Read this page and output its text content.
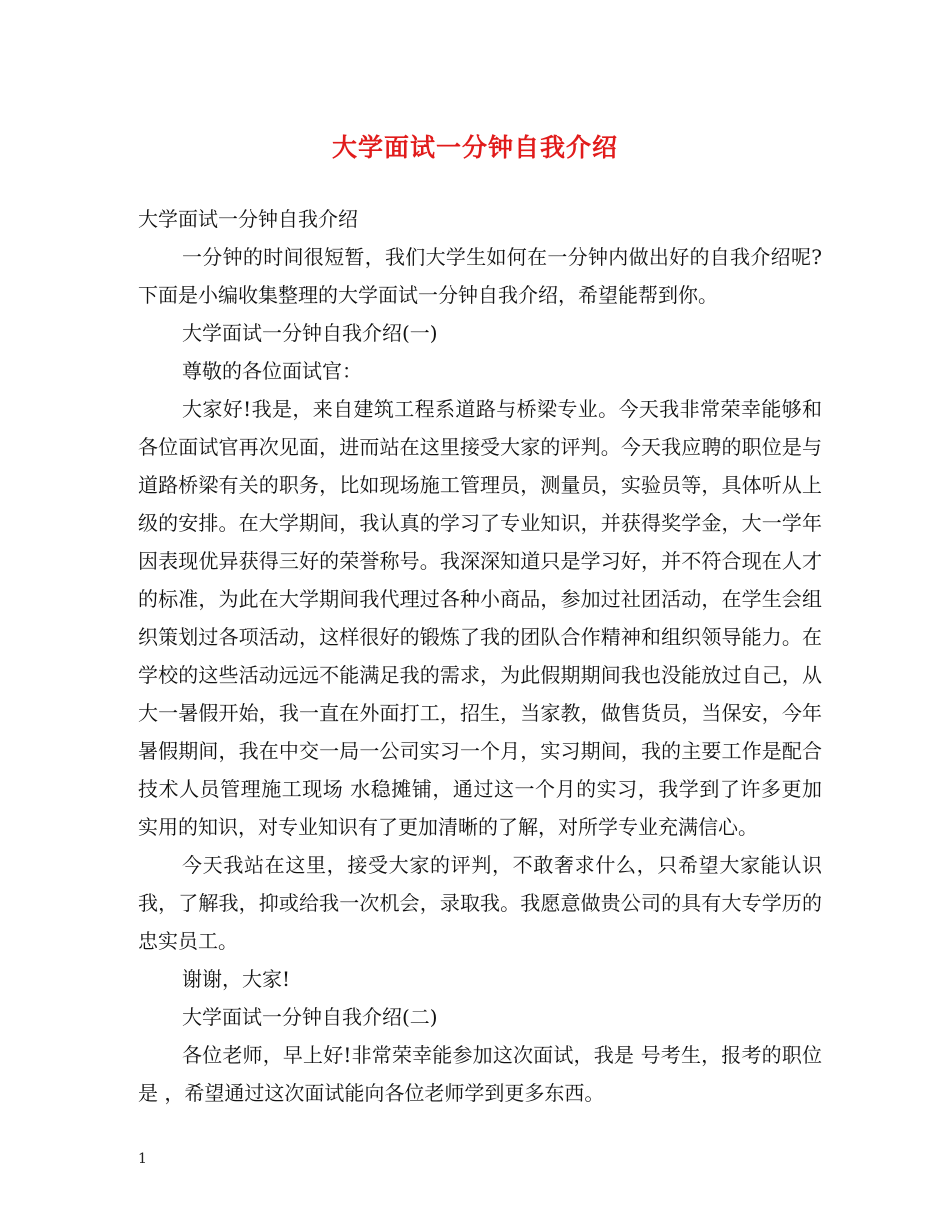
大学面试一分钟自我介绍

大学面试一分钟自我介绍

一分钟的时间很短暂，我们大学生如何在一分钟内做出好的自我介绍呢?下面是小编收集整理的大学面试一分钟自我介绍，希望能帮到你。

大学面试一分钟自我介绍(一)

尊敬的各位面试官：

大家好!我是，来自建筑工程系道路与桥梁专业。今天我非常荣幸能够和各位面试官再次见面，进而站在这里接受大家的评判。今天我应聘的职位是与道路桥梁有关的职务，比如现场施工管理员，测量员，实验员等，具体听从上级的安排。在大学期间，我认真的学习了专业知识，并获得奖学金，大一学年因表现优异获得三好的荣誉称号。我深深知道只是学习好，并不符合现在人才的标准，为此在大学期间我代理过各种小商品，参加过社团活动，在学生会组织策划过各项活动，这样很好的锻炼了我的团队合作精神和组织领导能力。在学校的这些活动远远不能满足我的需求，为此假期期间我也没能放过自己，从大一暑假开始，我一直在外面打工，招生，当家教，做售货员，当保安，今年暑假期间，我在中交一局一公司实习一个月，实习期间，我的主要工作是配合技术人员管理施工现场 水稳摊铺，通过这一个月的实习，我学到了许多更加实用的知识，对专业知识有了更加清晰的了解，对所学专业充满信心。

今天我站在这里，接受大家的评判，不敢奢求什么，只希望大家能认识我，了解我，抑或给我一次机会，录取我。我愿意做贵公司的具有大专学历的忠实员工。

谢谢，大家!

大学面试一分钟自我介绍(二)

各位老师，早上好!非常荣幸能参加这次面试，我是 号考生，报考的职位是 ，希望通过这次面试能向各位老师学到更多东西。

1
